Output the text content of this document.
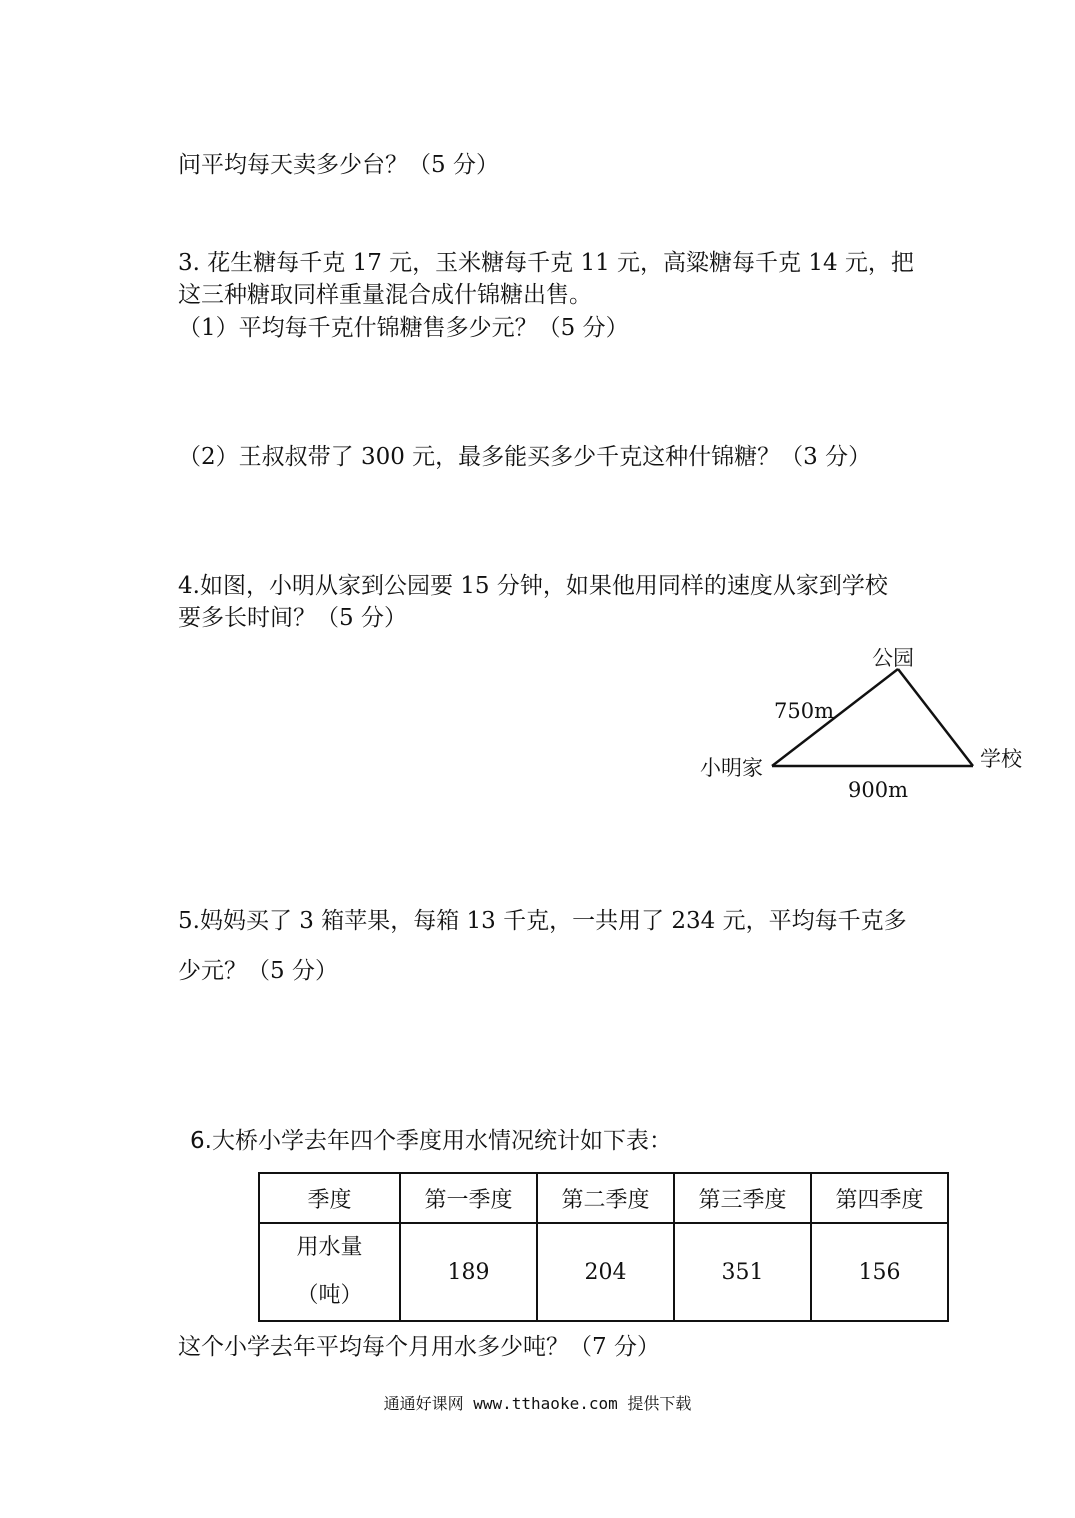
问平均每天卖多少台？（5 分）
3. 花生糖每千克 17 元，玉米糖每千克 11 元，高粱糖每千克 14 元，把
这三种糖取同样重量混合成什锦糖出售。
（1）平均每千克什锦糖售多少元？（5 分）
（2）王叔叔带了 300 元，最多能买多少千克这种什锦糖？（3 分）
4.如图，小明从家到公园要 15 分钟，如果他用同样的速度从家到学校
要多长时间？（5 分）
公园
750m
小明家	学校
900m
5.妈妈买了 3 箱苹果，每箱 13 千克，一共用了 234 元，平均每千克多
少元？（5 分）
6.大桥小学去年四个季度用水情况统计如下表：
季度	第一季度	第二季度	第三季度	第四季度

用水量
（吨）	189	204	351	156
这个小学去年平均每个月用水多少吨？（7 分）
通通好课网 www.tthaoke.com 提供下载
